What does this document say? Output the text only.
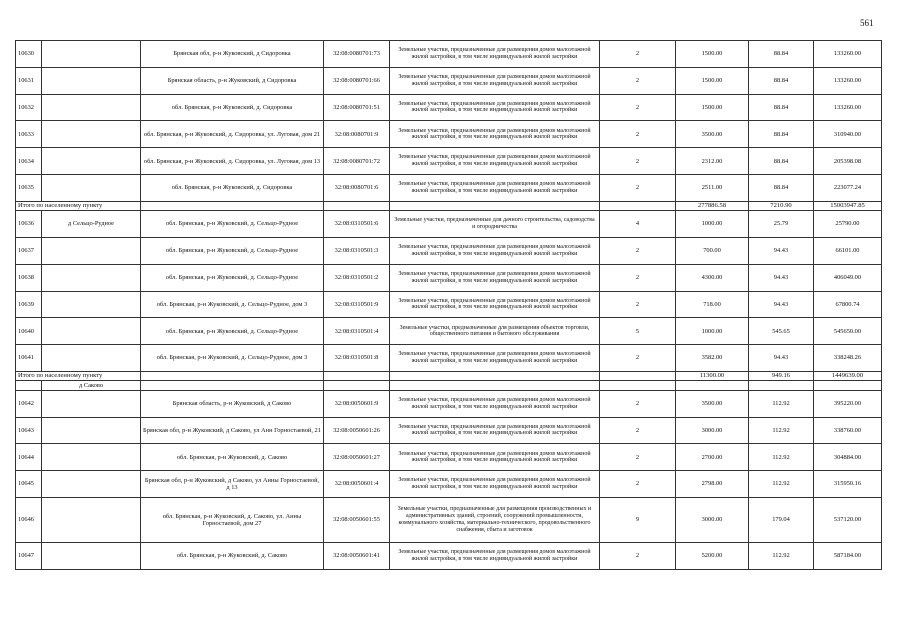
561
10630		Брянская обл, р-н Жуковский, д Сидоровка	32:08:0080701:73	Земельные участки, предназначенные для размещения домов малоэтажной жилой застройки, в том числе индивидуальной жилой застройки	2	1500.00	88.84	133260.00
10631		Брянская область, р-н Жуковский, д Сидоровка	32:08:0080701:66	Земельные участки, предназначенные для размещения домов малоэтажной жилой застройки, в том числе индивидуальной жилой застройки	2	1500.00	88.84	133260.00
10632		обл. Брянская, р-н Жуковский, д. Сидоровка	32:08:0080701:51	Земельные участки, предназначенные для размещения домов малоэтажной жилой застройки, в том числе индивидуальной жилой застройки	2	1500.00	88.84	133260.00
10633		обл. Брянская, р-н Жуковский, д. Сидоровка, ул. Луговая, дом 21	32:08:0080701:9	Земельные участки, предназначенные для размещения домов малоэтажной жилой застройки, в том числе индивидуальной жилой застройки	2	3500.00	88.84	310940.00
10634		обл. Брянская, р-н Жуковский, д. Сидоровка, ул. Луговая, дом 13	32:08:0080701:72	Земельные участки, предназначенные для размещения домов малоэтажной жилой застройки, в том числе индивидуальной жилой застройки	2	2312.00	88.84	205398.08
10635		обл. Брянская, р-н Жуковский, д. Сидоровка	32:08:0080701:6	Земельные участки, предназначенные для размещения домов малоэтажной жилой застройки, в том числе индивидуальной жилой застройки	2	2511.00	88.84	223077.24
Итого по населенному пункту						277886.58	7210.90	15003947.85
10636	д Сельцо-Рудное	обл. Брянская, р-н Жуковский, д. Сельцо-Рудное	32:08:0310501:6	Земельные участки, предназначенные для дачного строительства, садоводства и огородничества	4	1000.00	25.79	25790.00
10637		обл. Брянская, р-н Жуковский, д. Сельцо-Рудное	32:08:0310501:3	Земельные участки, предназначенные для размещения домов малоэтажной жилой застройки, в том числе индивидуальной жилой застройки	2	700.00	94.43	66101.00
10638		обл. Брянская, р-н Жуковский, д. Сельцо-Рудное	32:08:0310501:2	Земельные участки, предназначенные для размещения домов малоэтажной жилой застройки, в том числе индивидуальной жилой застройки	2	4300.00	94.43	406049.00
10639		обл. Брянская, р-н Жуковский, д. Сельцо-Рудное, дом 3	32:08:0310501:9	Земельные участки, предназначенные для размещения домов малоэтажной жилой застройки, в том числе индивидуальной жилой застройки	2	718.00	94.43	67800.74
10640		обл. Брянская, р-н Жуковский, д. Сельцо-Рудное	32:08:0310501:4	Земельные участки, предназначенные для размещения объектов торговли, общественного питания и бытового обслуживания	5	1000.00	545.65	545650.00
10641		обл. Брянская, р-н Жуковский, д. Сельцо-Рудное, дом 3	32:08:0310501:8	Земельные участки, предназначенные для размещения домов малоэтажной жилой застройки, в том числе индивидуальной жилой застройки	2	3582.00	94.43	338248.26
Итого по населенному пункту						11300.00	949.16	1449639.00
	д Саково							
10642		Брянская область, р-н Жуковский, д Саково	32:08:0050601:9	Земельные участки, предназначенные для размещения домов малоэтажной жилой застройки, в том числе индивидуальной жилой застройки	2	3500.00	112.92	395220.00
10643		Брянская обл, р-н Жуковский, д Саково, ул Анн Горностаевой, 21	32:08:0050601:26	Земельные участки, предназначенные для размещения домов малоэтажной жилой застройки, в том числе индивидуальной жилой застройки	2	3000.00	112.92	338760.00
10644		обл. Брянская, р-н Жуковский, д. Саково	32:08:0050601:27	Земельные участки, предназначенные для размещения домов малоэтажной жилой застройки, в том числе индивидуальной жилой застройки	2	2700.00	112.92	304884.00
10645		Брянская обл, р-н Жуковский, д Саково, ул Анны Горностаевой, д 13	32:08:0050601:4	Земельные участки, предназначенные для размещения домов малоэтажной жилой застройки, в том числе индивидуальной жилой застройки	2	2798.00	112.92	315950.16
10646		обл. Брянская, р-н Жуковский, д. Саково, ул. Анны Горностаевой, дом 27	32:08:0050601:55	Земельные участки, предназначенные для размещения производственных и административных зданий, строений, сооружений промышленности, коммунального хозяйства, материально-технического, продовольственного снабжения, сбыта и заготовок	9	3000.00	179.04	537120.00
10647		обл. Брянская, р-н Жуковский, д. Саково	32:08:0050601:41	Земельные участки, предназначенные для размещения домов малоэтажной жилой застройки, в том числе индивидуальной жилой застройки	2	5200.00	112.92	587184.00
